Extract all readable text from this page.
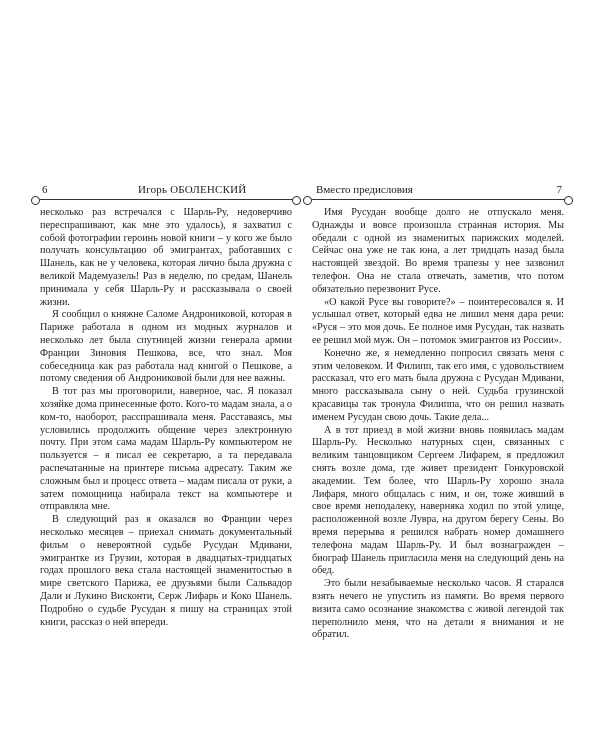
6	Игорь ОБОЛЕНСКИЙ

несколько раз встречался с Шарль-Ру, недоверчиво переспрашивают, как мне это удалось), я захватил с собой фотографии героинь новой книги – у кого же было получать консультацию об эмигрантах, работавших с Шанель, как не у человека, которая лично была дружна с великой Мадемуазель! Раз в неделю, по средам, Шанель принимала у себя Шарль-Ру и рассказывала о своей жизни.

Я сообщил о княжне Саломе Андрониковой, которая в Париже работала в одном из модных журналов и несколько лет была спутницей жизни генерала армии Франции Зиновия Пешкова, все, что знал. Моя собеседница как раз работала над книгой о Пешкове, а потому сведения об Андрониковой были для нее важны.

В тот раз мы проговорили, наверное, час. Я показал хозяйке дома принесенные фото. Кого-то мадам знала, а о ком-то, наоборот, расспрашивала меня. Расставаясь, мы условились продолжить общение через электронную почту. При этом сама мадам Шарль-Ру компьютером не пользуется – я писал ее секретарю, а та передавала распечатанные на принтере письма адресату. Таким же сложным был и процесс ответа – мадам писала от руки, а затем помощница набирала текст на компьютере и отправляла мне.

В следующий раз я оказался во Франции через несколько месяцев – приехал снимать документальный фильм о невероятной судьбе Русудан Мдивани, эмигрантке из Грузии, которая в двадцатых-тридцатых годах прошлого века стала настоящей знаменитостью в мире светского Парижа, ее друзьями были Сальвадор Дали и Лукино Висконти, Серж Лифарь и Коко Шанель. Подробно о судьбе Русудан я пишу на страницах этой книги, рассказ о ней впереди.

Вместо предисловия	7

Имя Русудан вообще долго не отпускало меня. Однажды и вовсе произошла странная история. Мы обедали с одной из знаменитых парижских моделей. Сейчас она уже не так юна, а лет тридцать назад была настоящей звездой. Во время трапезы у нее зазвонил телефон. Она не стала отвечать, заметив, что потом обязательно перезвонит Русе.

«О какой Русе вы говорите?» – поинтересовался я. И услышал ответ, который едва не лишил меня дара речи: «Руся – это моя дочь. Ее полное имя Русудан, так назвать ее решил мой муж. Он – потомок эмигрантов из России».

Конечно же, я немедленно попросил связать меня с этим человеком. И Филипп, так его имя, с удовольствием рассказал, что его мать была дружна с Русудан Мдивани, много рассказывала сыну о ней. Судьба грузинской красавицы так тронула Филиппа, что он решил назвать именем Русудан свою дочь. Такие дела...

А в тот приезд в мой жизни вновь появилась мадам Шарль-Ру. Несколько натурных сцен, связанных с великим танцовщиком Сергеем Лифарем, я предложил снять возле дома, где живет президент Гонкуровской академии. Тем более, что Шарль-Ру хорошо знала Лифаря, много общалась с ним, и он, тоже живший в свое время неподалеку, наверняка ходил по этой улице, расположенной возле Лувра, на другом берегу Сены. Во время перерыва я решился набрать номер домашнего телефона мадам Шарль-Ру. И был вознагражден – биограф Шанель пригласила меня на следующий день на обед.

Это были незабываемые несколько часов. Я старался взять нечего не упустить из памяти. Во время первого визита само осознание знакомства с живой легендой так переполнило меня, что на детали я внимания и не обратил.
